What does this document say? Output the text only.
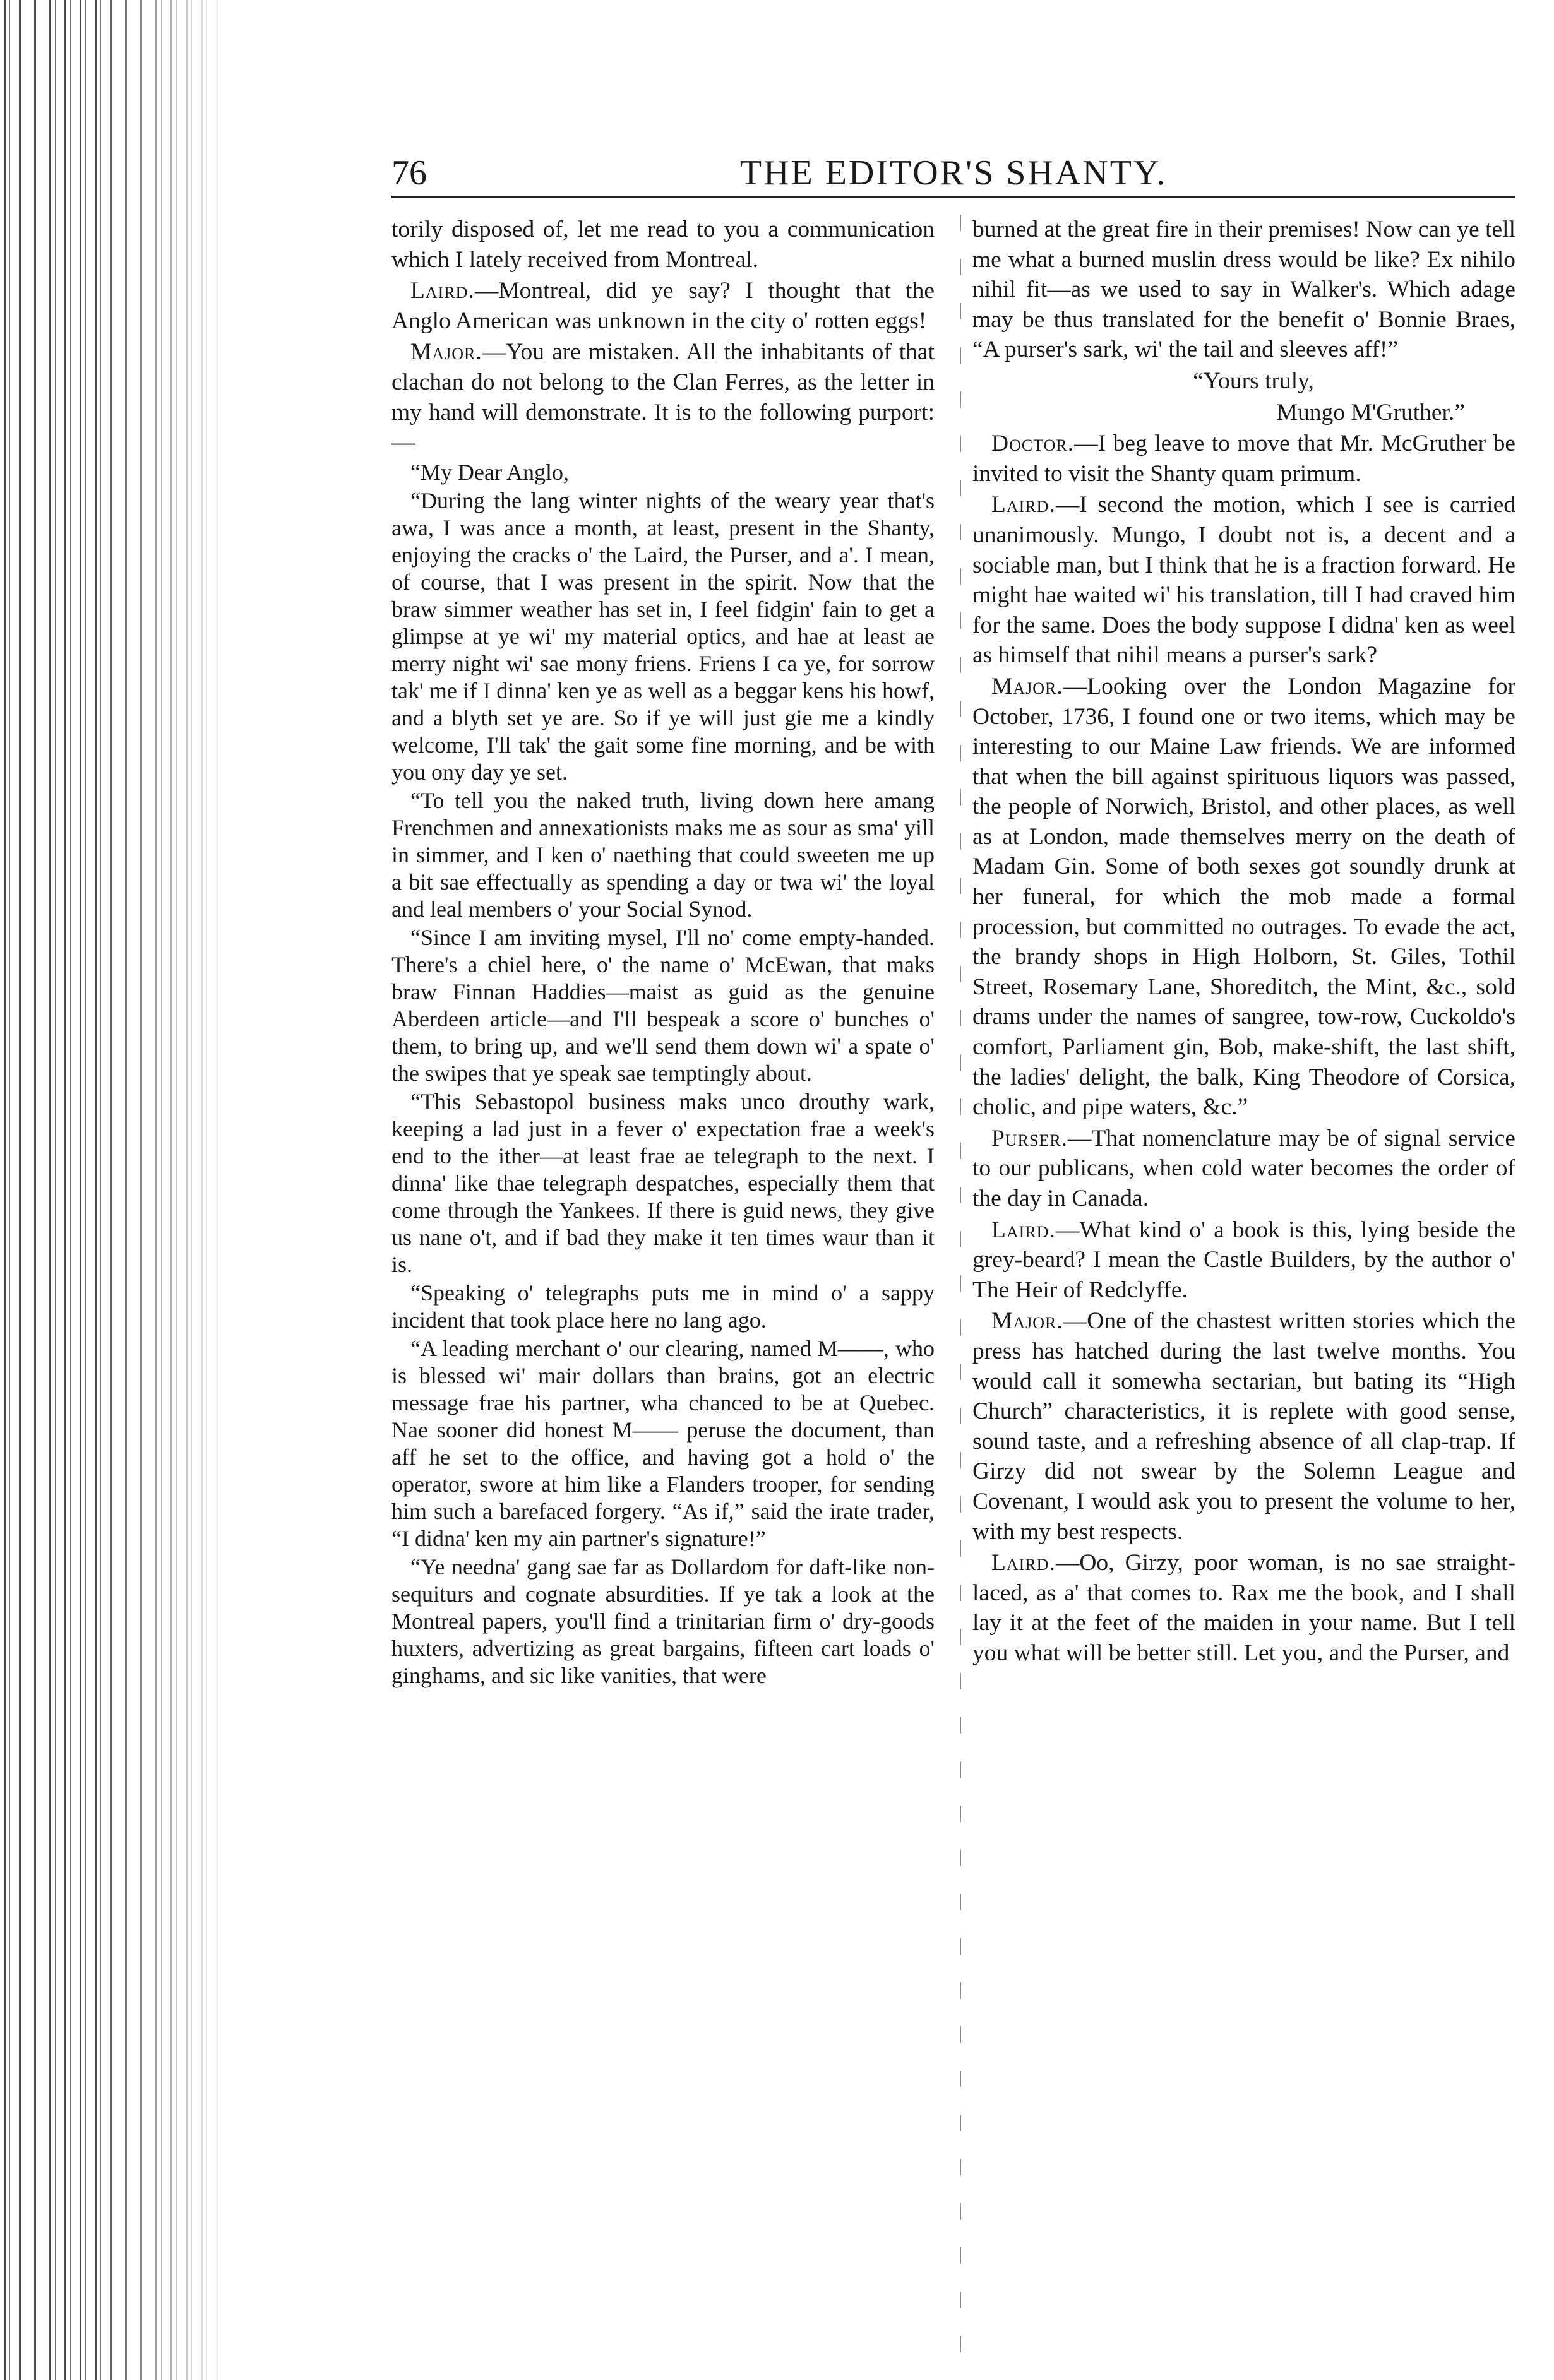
76	THE EDITOR'S SHANTY.

torily disposed of, let me read to you a communication which I lately received from Montreal.

Laird.—Montreal, did ye say? I thought that the Anglo American was unknown in the city o' rotten eggs!

Major.—You are mistaken. All the inhabitants of that clachan do not belong to the Clan Ferres, as the letter in my hand will demonstrate. It is to the following purport:—

“My Dear Anglo,

“During the lang winter nights of the weary year that's awa, I was ance a month, at least, present in the Shanty, enjoying the cracks o' the Laird, the Purser, and a'. I mean, of course, that I was present in the spirit. Now that the braw simmer weather has set in, I feel fidgin' fain to get a glimpse at ye wi' my material optics, and hae at least ae merry night wi' sae mony friens. Friens I ca ye, for sorrow tak' me if I dinna' ken ye as well as a beggar kens his howf, and a blyth set ye are. So if ye will just gie me a kindly welcome, I'll tak' the gait some fine morning, and be with you ony day ye set.

“To tell you the naked truth, living down here amang Frenchmen and annexationists maks me as sour as sma' yill in simmer, and I ken o' naething that could sweeten me up a bit sae effectually as spending a day or twa wi' the loyal and leal members o' your Social Synod.

“Since I am inviting mysel, I'll no' come empty-handed. There's a chiel here, o' the name o' McEwan, that maks braw Finnan Haddies—maist as guid as the genuine Aberdeen article—and I'll bespeak a score o' bunches o' them, to bring up, and we'll send them down wi' a spate o' the swipes that ye speak sae temptingly about.

“This Sebastopol business maks unco drouthy wark, keeping a lad just in a fever o' expectation frae a week's end to the ither—at least frae ae telegraph to the next. I dinna' like thae telegraph despatches, especially them that come through the Yankees. If there is guid news, they give us nane o't, and if bad they make it ten times waur than it is.

“Speaking o' telegraphs puts me in mind o' a sappy incident that took place here no lang ago.

“A leading merchant o' our clearing, named M——, who is blessed wi' mair dollars than brains, got an electric message frae his partner, wha chanced to be at Quebec. Nae sooner did honest M—— peruse the document, than aff he set to the office, and having got a hold o' the operator, swore at him like a Flanders trooper, for sending him such a barefaced forgery. “As if,” said the irate trader, “I didna' ken my ain partner's signature!”

“Ye needna' gang sae far as Dollardom for daft-like non-sequiturs and cognate absurdities. If ye tak a look at the Montreal papers, you'll find a trinitarian firm o' dry-goods huxters, advertizing as great bargains, fifteen cart loads o' ginghams, and sic like vanities, that were

burned at the great fire in their premises! Now can ye tell me what a burned muslin dress would be like? Ex nihilo nihil fit—as we used to say in Walker's. Which adage may be thus translated for the benefit o' Bonnie Braes, “A purser's sark, wi' the tail and sleeves aff!”

“Yours truly,

Mungo M'Gruther.”

Doctor.—I beg leave to move that Mr. McGruther be invited to visit the Shanty quam primum.

Laird.—I second the motion, which I see is carried unanimously. Mungo, I doubt not is, a decent and a sociable man, but I think that he is a fraction forward. He might hae waited wi' his translation, till I had craved him for the same. Does the body suppose I didna' ken as weel as himself that nihil means a purser's sark?

Major.—Looking over the London Magazine for October, 1736, I found one or two items, which may be interesting to our Maine Law friends. We are informed that when the bill against spirituous liquors was passed, the people of Norwich, Bristol, and other places, as well as at London, made themselves merry on the death of Madam Gin. Some of both sexes got soundly drunk at her funeral, for which the mob made a formal procession, but committed no outrages. To evade the act, the brandy shops in High Holborn, St. Giles, Tothil Street, Rosemary Lane, Shoreditch, the Mint, &c., sold drams under the names of sangree, tow-row, Cuckoldo's comfort, Parliament gin, Bob, make-shift, the last shift, the ladies' delight, the balk, King Theodore of Corsica, cholic, and pipe waters, &c.”

Purser.—That nomenclature may be of signal service to our publicans, when cold water becomes the order of the day in Canada.

Laird.—What kind o' a book is this, lying beside the grey-beard? I mean the Castle Builders, by the author o' The Heir of Redclyffe.

Major.—One of the chastest written stories which the press has hatched during the last twelve months. You would call it somewha sectarian, but bating its “High Church” characteristics, it is replete with good sense, sound taste, and a refreshing absence of all clap-trap. If Girzy did not swear by the Solemn League and Covenant, I would ask you to present the volume to her, with my best respects.

Laird.—Oo, Girzy, poor woman, is no sae straight-laced, as a' that comes to. Rax me the book, and I shall lay it at the feet of the maiden in your name. But I tell you what will be better still. Let you, and the Purser, and
